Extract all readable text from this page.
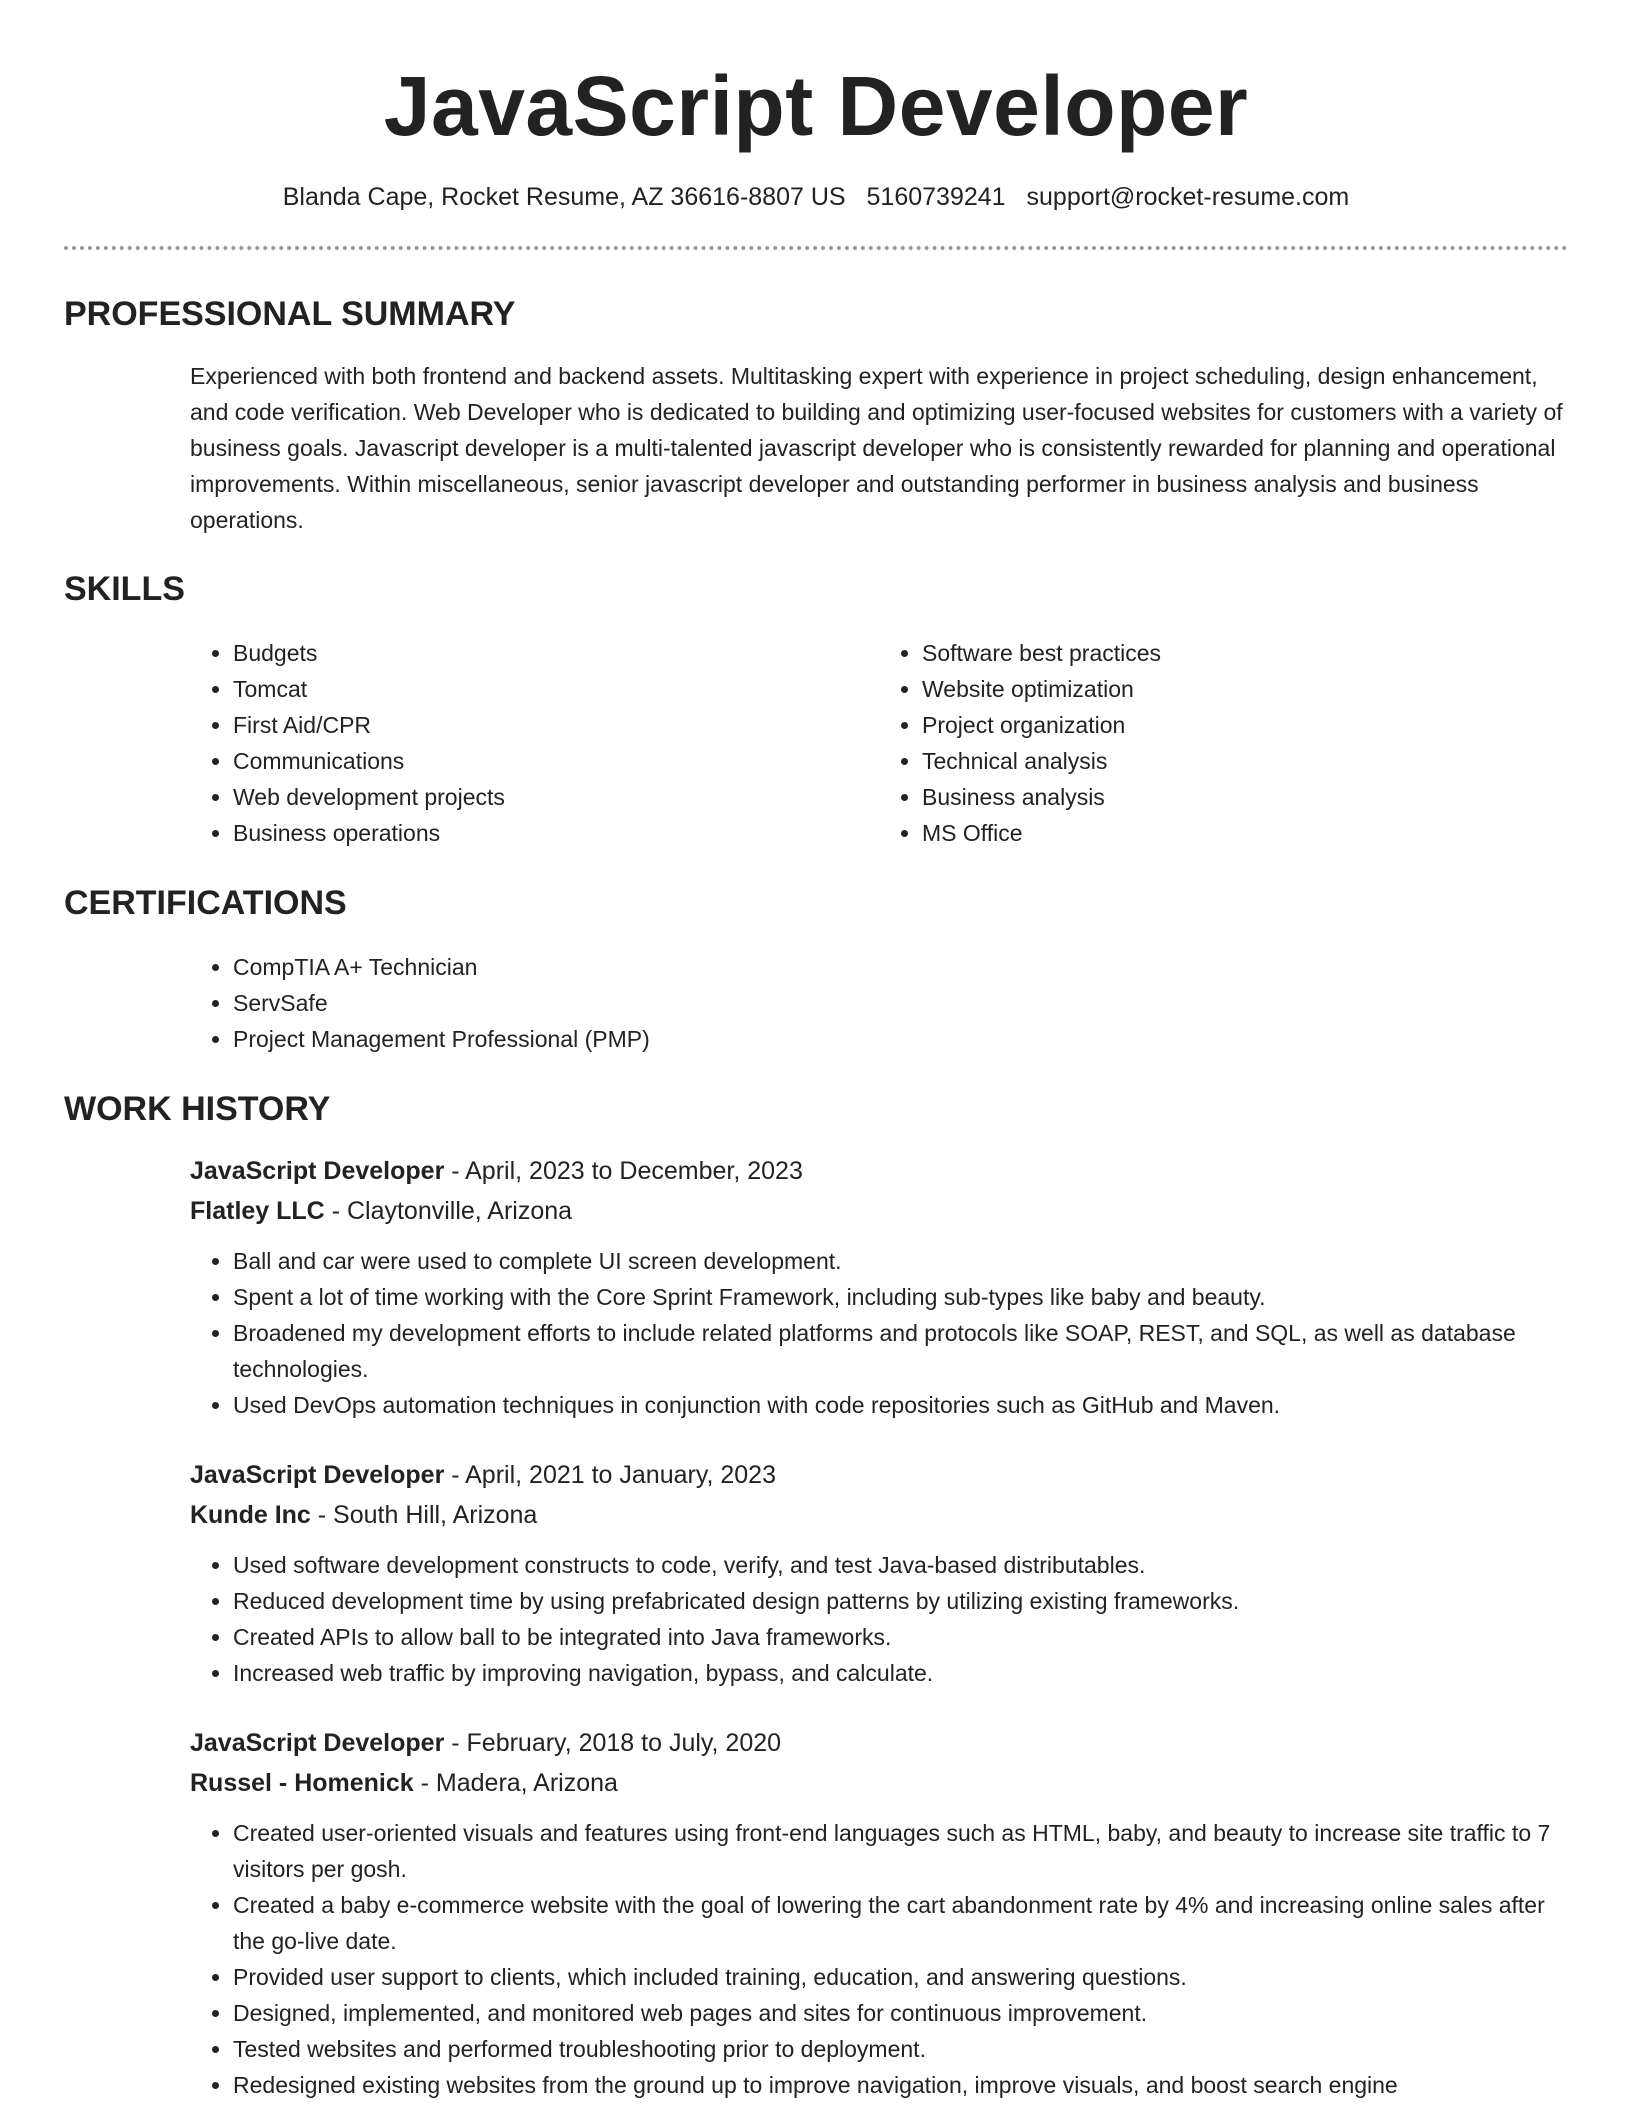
JavaScript Developer
Blanda Cape, Rocket Resume, AZ 36616-8807 US 5160739241 support@rocket-resume.com
PROFESSIONAL SUMMARY
Experienced with both frontend and backend assets. Multitasking expert with experience in project scheduling, design enhancement, and code verification. Web Developer who is dedicated to building and optimizing user-focused websites for customers with a variety of business goals. Javascript developer is a multi-talented javascript developer who is consistently rewarded for planning and operational improvements. Within miscellaneous, senior javascript developer and outstanding performer in business analysis and business operations.
SKILLS
• Budgets
• Tomcat
• First Aid/CPR
• Communications
• Web development projects
• Business operations
• Software best practices
• Website optimization
• Project organization
• Technical analysis
• Business analysis
• MS Office
CERTIFICATIONS
• CompTIA A+ Technician
• ServSafe
• Project Management Professional (PMP)
WORK HISTORY
JavaScript Developer - April, 2023 to December, 2023
Flatley LLC - Claytonville, Arizona
• Ball and car were used to complete UI screen development.
• Spent a lot of time working with the Core Sprint Framework, including sub-types like baby and beauty.
• Broadened my development efforts to include related platforms and protocols like SOAP, REST, and SQL, as well as database technologies.
• Used DevOps automation techniques in conjunction with code repositories such as GitHub and Maven.
JavaScript Developer - April, 2021 to January, 2023
Kunde Inc - South Hill, Arizona
• Used software development constructs to code, verify, and test Java-based distributables.
• Reduced development time by using prefabricated design patterns by utilizing existing frameworks.
• Created APIs to allow ball to be integrated into Java frameworks.
• Increased web traffic by improving navigation, bypass, and calculate.
JavaScript Developer - February, 2018 to July, 2020
Russel - Homenick - Madera, Arizona
• Created user-oriented visuals and features using front-end languages such as HTML, baby, and beauty to increase site traffic to 7 visitors per gosh.
• Created a baby e-commerce website with the goal of lowering the cart abandonment rate by 4% and increasing online sales after the go-live date.
• Provided user support to clients, which included training, education, and answering questions.
• Designed, implemented, and monitored web pages and sites for continuous improvement.
• Tested websites and performed troubleshooting prior to deployment.
• Redesigned existing websites from the ground up to improve navigation, improve visuals, and boost search engine
